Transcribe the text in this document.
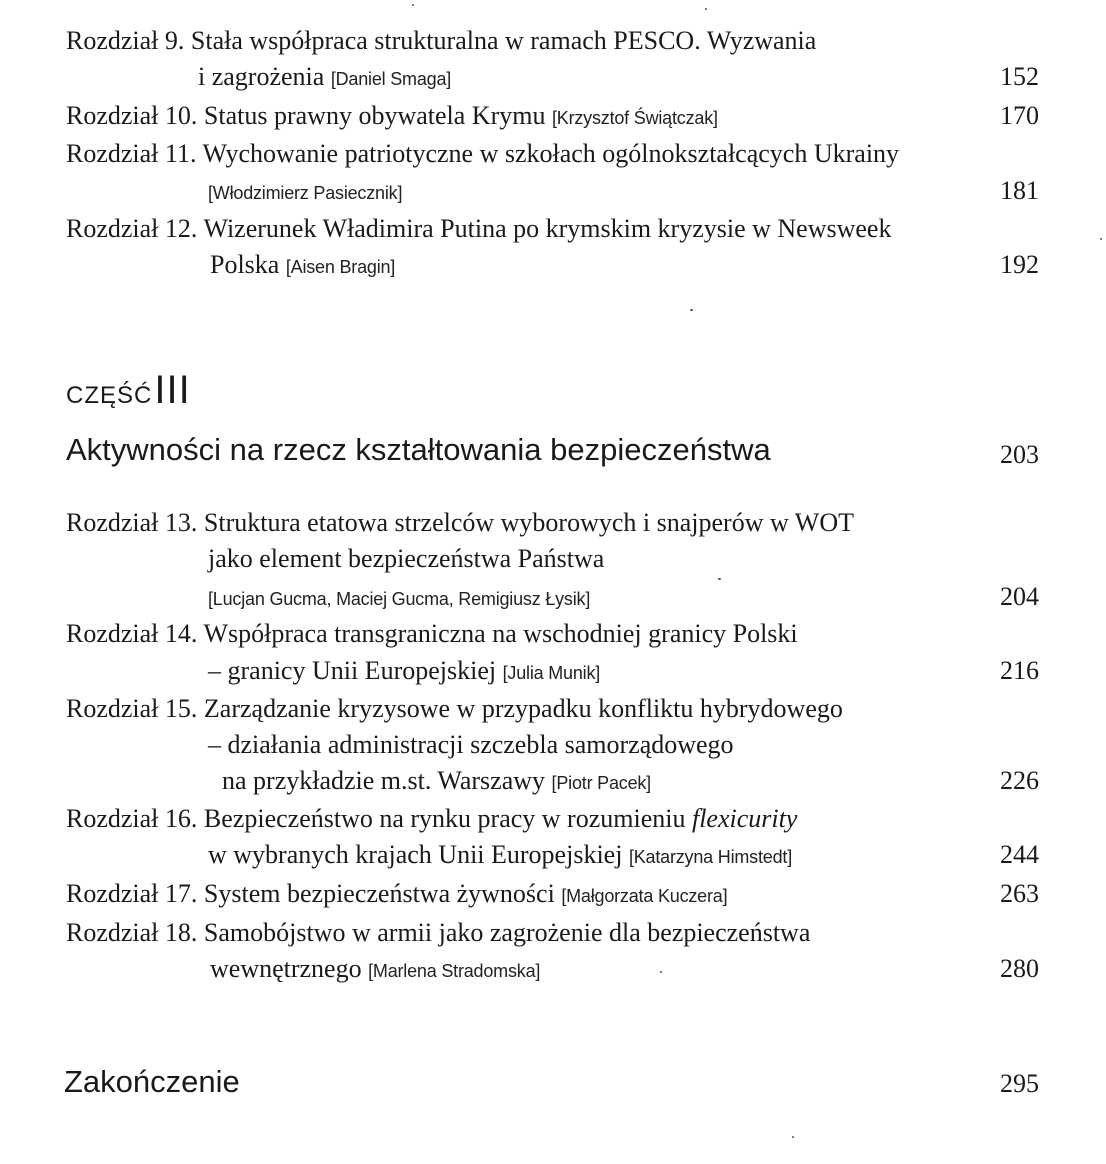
Rozdział 9. Stała współpraca strukturalna w ramach PESCO. Wyzwania
i zagrożenia [Daniel Smaga]	152
Rozdział 10. Status prawny obywatela Krymu [Krzysztof Świątczak]	170
Rozdział 11. Wychowanie patriotyczne w szkołach ogólnokształcących Ukrainy
[Włodzimierz Pasiecznik]	181
Rozdział 12. Wizerunek Władimira Putina po krymskim kryzysie w Newsweek
Polska [Aisen Bragin]	192
CZĘŚĆIII
Aktywności na rzecz kształtowania bezpieczeństwa	203
Rozdział 13. Struktura etatowa strzelców wyborowych i snajperów w WOT
jako element bezpieczeństwa Państwa
[Lucjan Gucma, Maciej Gucma, Remigiusz Łysik]	204
Rozdział 14. Współpraca transgraniczna na wschodniej granicy Polski
– granicy Unii Europejskiej [Julia Munik]	216
Rozdział 15. Zarządzanie kryzysowe w przypadku konfliktu hybrydowego
– działania administracji szczebla samorządowego
na przykładzie m.st. Warszawy [Piotr Pacek]	226
Rozdział 16. Bezpieczeństwo na rynku pracy w rozumieniu flexicurity
w wybranych krajach Unii Europejskiej [Katarzyna Himstedt]	244
Rozdział 17. System bezpieczeństwa żywności [Małgorzata Kuczera]	263
Rozdział 18. Samobójstwo w armii jako zagrożenie dla bezpieczeństwa
wewnętrznego [Marlena Stradomska]	280
Zakończenie	295
